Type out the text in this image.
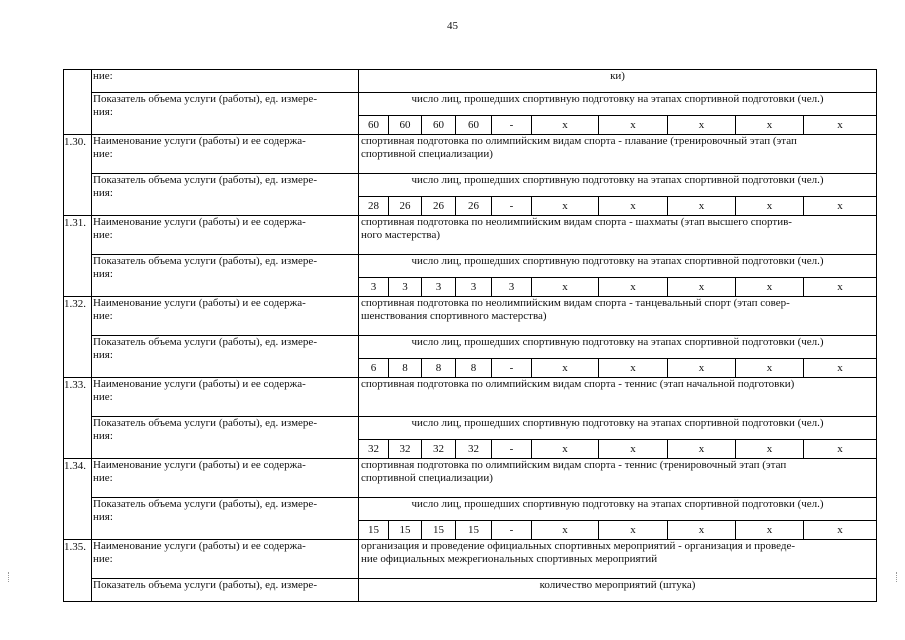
45
	ние:	ки)									
	Показатель объема услуги (работы), ед. измере-
ния:	число лиц, прошедших спортивную подготовку на этапах спортивной подготовки (чел.)									
		60	60	60	60	-	х	х	х	х	х
1.30.	Наименование услуги (работы) и ее содержа-
ние:	спортивная подготовка по олимпийским видам спорта - плавание (тренировочный этап (этап
спортивной специализации)									
	Показатель объема услуги (работы), ед. измере-
ния:	число лиц, прошедших спортивную подготовку на этапах спортивной подготовки (чел.)									
		28	26	26	26	-	х	х	х	х	х
1.31.	Наименование услуги (работы) и ее содержа-
ние:	спортивная подготовка по неолимпийским видам спорта - шахматы (этап высшего спортив-
ного мастерства)									
	Показатель объема услуги (работы), ед. измере-
ния:	число лиц, прошедших спортивную подготовку на этапах спортивной подготовки (чел.)									
		3	3	3	3	3	х	х	х	х	х
1.32.	Наименование услуги (работы) и ее содержа-
ние:	спортивная подготовка по неолимпийским видам спорта - танцевальный спорт (этап совер-
шенствования спортивного мастерства)									
	Показатель объема услуги (работы), ед. измере-
ния:	число лиц, прошедших спортивную подготовку на этапах спортивной подготовки (чел.)									
		6	8	8	8	-	х	х	х	х	х
1.33.	Наименование услуги (работы) и ее содержа-
ние:	спортивная подготовка по олимпийским видам спорта - теннис (этап начальной подготовки)									
	Показатель объема услуги (работы), ед. измере-
ния:	число лиц, прошедших спортивную подготовку на этапах спортивной подготовки (чел.)									
		32	32	32	32	-	х	х	х	х	х
1.34.	Наименование услуги (работы) и ее содержа-
ние:	спортивная подготовка по олимпийским видам спорта - теннис (тренировочный этап (этап
спортивной специализации)									
	Показатель объема услуги (работы), ед. измере-
ния:	число лиц, прошедших спортивную подготовку на этапах спортивной подготовки (чел.)									
		15	15	15	15	-	х	х	х	х	х
1.35.	Наименование услуги (работы) и ее содержа-
ние:	организация и проведение официальных спортивных мероприятий - организация и проведе-
ние официальных межрегиональных спортивных мероприятий									
	Показатель объема услуги (работы), ед. измере-	количество мероприятий (штука)									
